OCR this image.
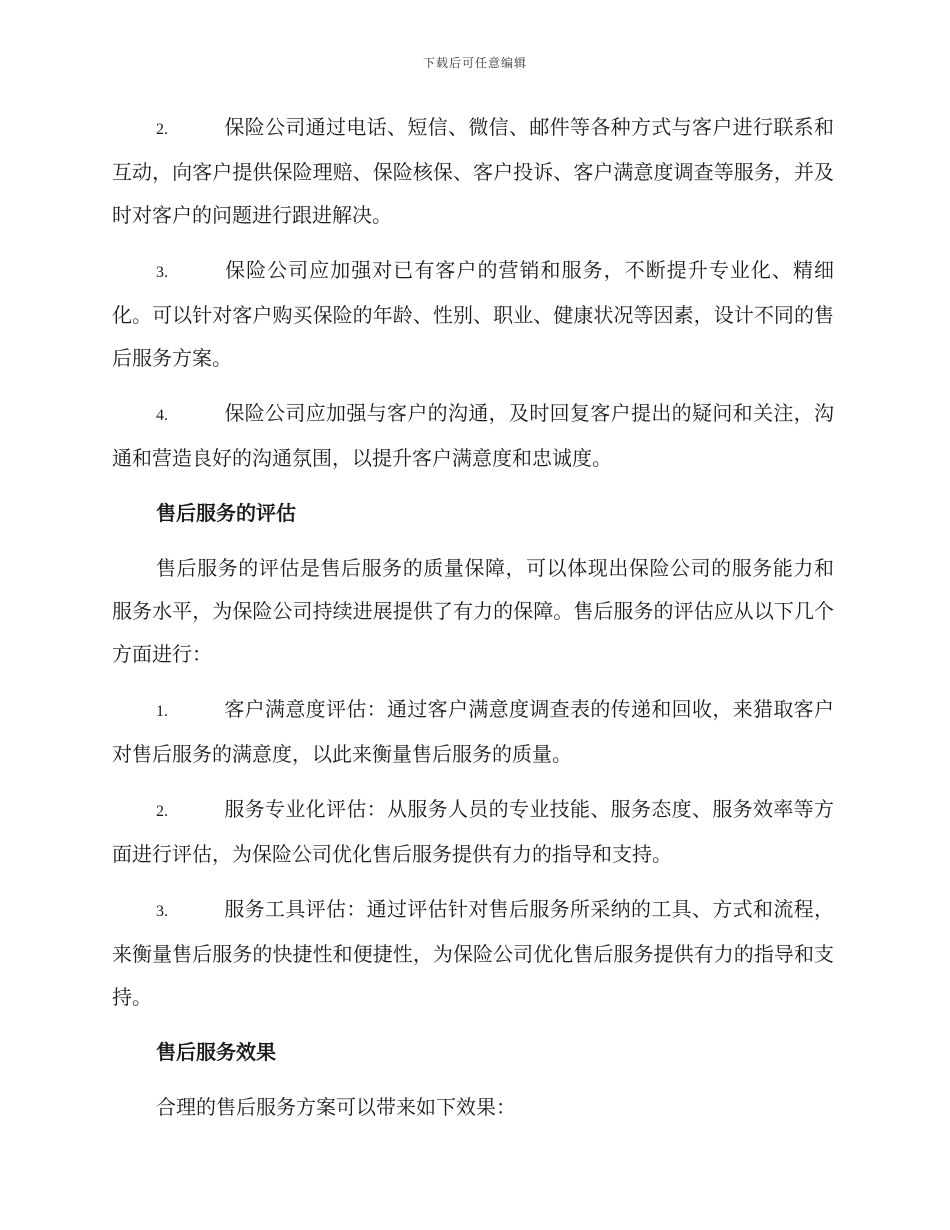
下载后可任意编辑

2.	保险公司通过电话、短信、微信、邮件等各种方式与客户进行联系和互动，向客户提供保险理赔、保险核保、客户投诉、客户满意度调查等服务，并及时对客户的问题进行跟进解决。

3.	保险公司应加强对已有客户的营销和服务，不断提升专业化、精细化。可以针对客户购买保险的年龄、性别、职业、健康状况等因素，设计不同的售后服务方案。

4.	保险公司应加强与客户的沟通，及时回复客户提出的疑问和关注，沟通和营造良好的沟通氛围，以提升客户满意度和忠诚度。

售后服务的评估

售后服务的评估是售后服务的质量保障，可以体现出保险公司的服务能力和服务水平，为保险公司持续进展提供了有力的保障。售后服务的评估应从以下几个方面进行：

1.	客户满意度评估：通过客户满意度调查表的传递和回收，来猎取客户对售后服务的满意度，以此来衡量售后服务的质量。

2.	服务专业化评估：从服务人员的专业技能、服务态度、服务效率等方面进行评估，为保险公司优化售后服务提供有力的指导和支持。

3.	服务工具评估：通过评估针对售后服务所采纳的工具、方式和流程，来衡量售后服务的快捷性和便捷性，为保险公司优化售后服务提供有力的指导和支持。

售后服务效果

合理的售后服务方案可以带来如下效果：
